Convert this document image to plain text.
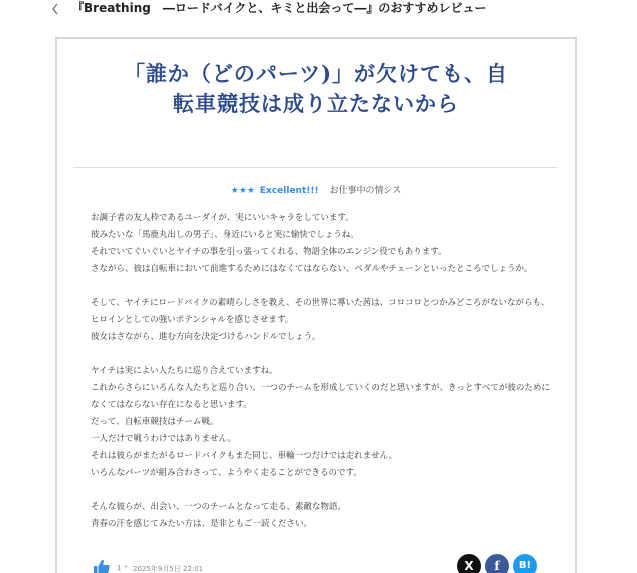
『Breathing　―ロードバイクと、キミと出会って―』のおすすめレビュー
「誰か（どのパーツ)」が欠けても、自転車競技は成り立たないから
★★★ Excellent!!! お仕事中の情シス

お調子者の友人枠であるユーダイが、実にいいキャラをしています。

彼みたいな「馬鹿丸出しの男子」、身近にいると実に愉快でしょうね。

それでいてぐいぐいとヤイチの事を引っ張ってくれる、物語全体のエンジン役でもあります。

さながら、彼は自転車において前進するためにはなくてはならない、ペダルやチェーンといったところでしょうか。

そして、ヤイチにロードバイクの素晴らしさを教え、その世界に導いた茜は、コロコロとつかみどころがないながらも、ヒロインとしての強いポテンシャルを感じさせます。

彼女はさながら、進む方向を決定づけるハンドルでしょう。

ヤイチは実によい人たちに巡り合えていますね。

これからさらにいろんな人たちと巡り合い、一つのチームを形成していくのだと思いますが、きっとすべてが彼のためになくてはならない存在になると思います。

だって、自転車競技はチーム戦。

一人だけで戦うわけではありません。

それは彼らがまたがるロードバイクもまた同じ、車輪一つだけでは走れません。

いろんなパーツが組み合わさって、ようやく走ることができるのです。

そんな彼らが、出会い、一つのチームとなって走る、素敵な物語。

青春の汗を感じてみたい方は、是非ともご一読ください。

1 • 2025年9月5日 22:01	X	f	B!
